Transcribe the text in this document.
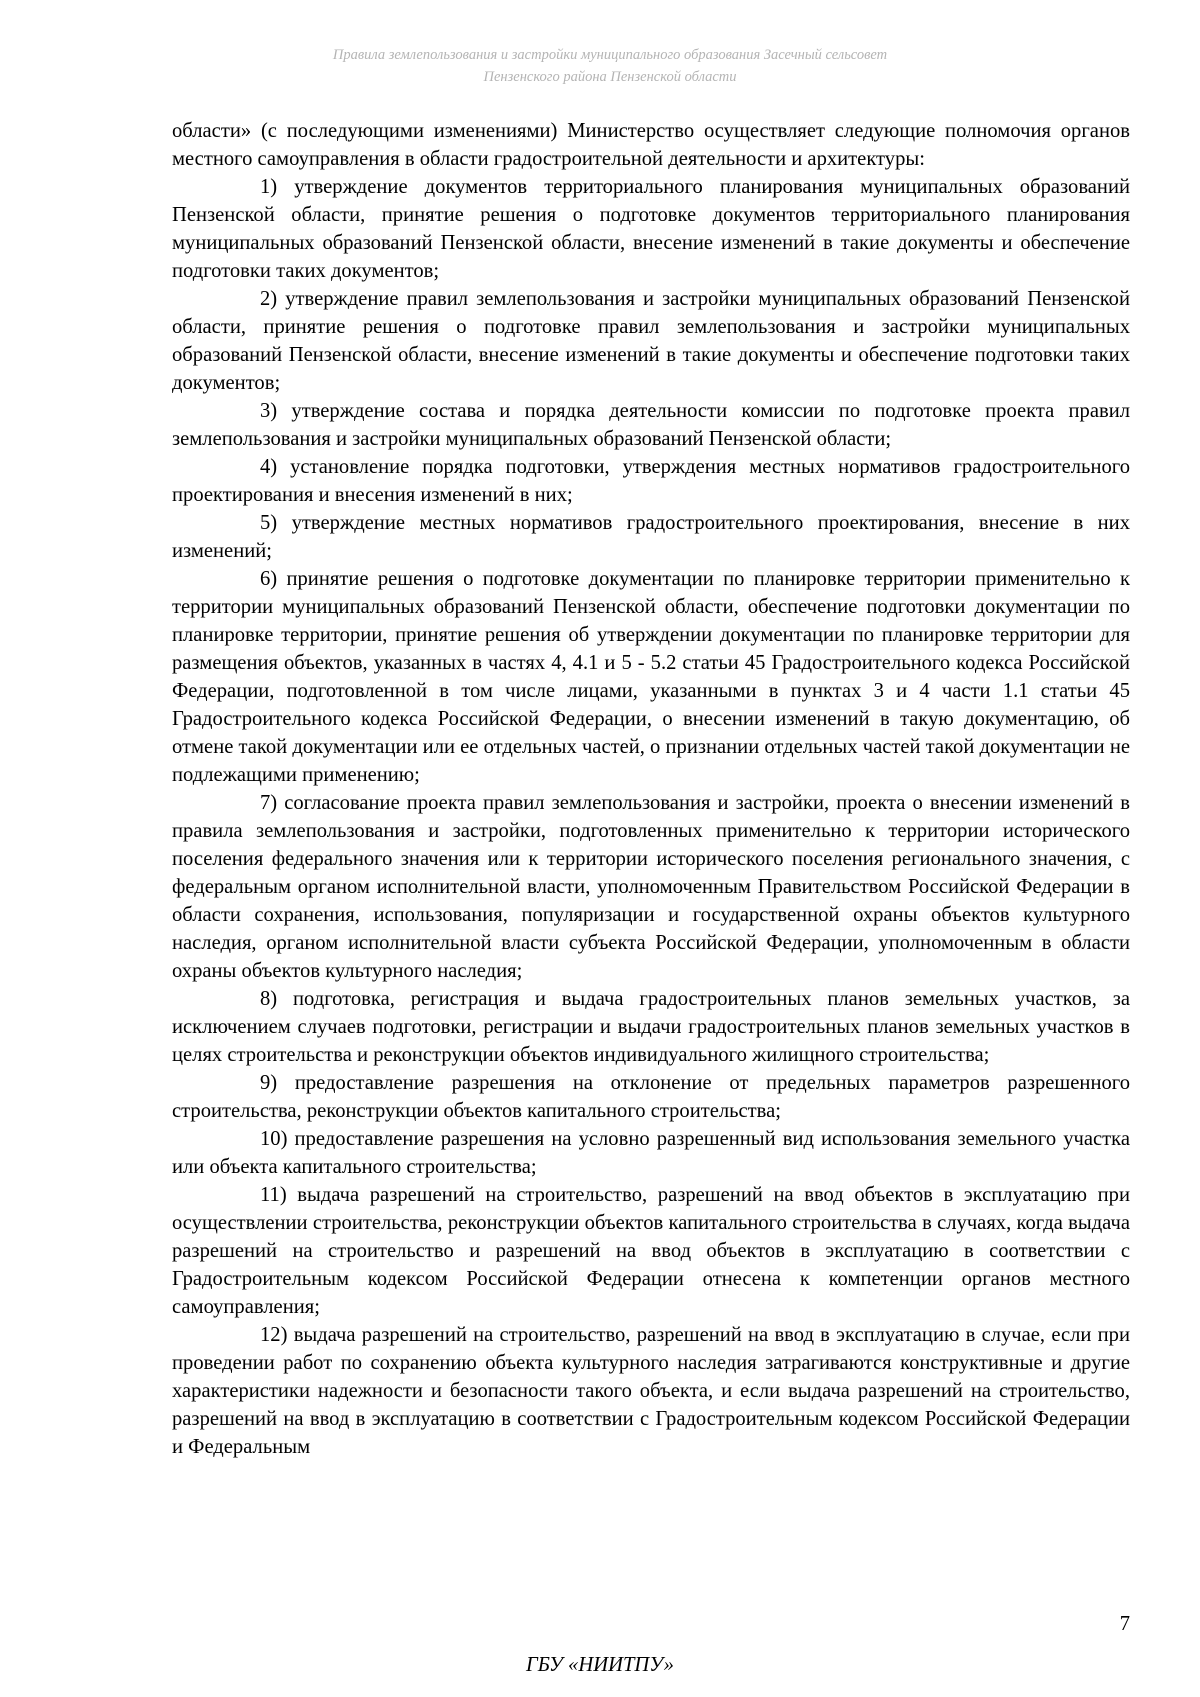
Правила землепользования и застройки муниципального образования Засечный сельсовет
Пензенского района Пензенской области

области» (с последующими изменениями) Министерство осуществляет следующие полномочия органов местного самоуправления в области градостроительной деятельности и архитектуры:

1) утверждение документов территориального планирования муниципальных образований Пензенской области, принятие решения о подготовке документов территориального планирования муниципальных образований Пензенской области, внесение изменений в такие документы и обеспечение подготовки таких документов;

2) утверждение правил землепользования и застройки муниципальных образований Пензенской области, принятие решения о подготовке правил землепользования и застройки муниципальных образований Пензенской области, внесение изменений в такие документы и обеспечение подготовки таких документов;

3) утверждение состава и порядка деятельности комиссии по подготовке проекта правил землепользования и застройки муниципальных образований Пензенской области;

4) установление порядка подготовки, утверждения местных нормативов градостроительного проектирования и внесения изменений в них;

5) утверждение местных нормативов градостроительного проектирования, внесение в них изменений;

6) принятие решения о подготовке документации по планировке территории применительно к территории муниципальных образований Пензенской области, обеспечение подготовки документации по планировке территории, принятие решения об утверждении документации по планировке территории для размещения объектов, указанных в частях 4, 4.1 и 5 - 5.2 статьи 45 Градостроительного кодекса Российской Федерации, подготовленной в том числе лицами, указанными в пунктах 3 и 4 части 1.1 статьи 45 Градостроительного кодекса Российской Федерации, о внесении изменений в такую документацию, об отмене такой документации или ее отдельных частей, о признании отдельных частей такой документации не подлежащими применению;

7) согласование проекта правил землепользования и застройки, проекта о внесении изменений в правила землепользования и застройки, подготовленных применительно к территории исторического поселения федерального значения или к территории исторического поселения регионального значения, с федеральным органом исполнительной власти, уполномоченным Правительством Российской Федерации в области сохранения, использования, популяризации и государственной охраны объектов культурного наследия, органом исполнительной власти субъекта Российской Федерации, уполномоченным в области охраны объектов культурного наследия;

8) подготовка, регистрация и выдача градостроительных планов земельных участков, за исключением случаев подготовки, регистрации и выдачи градостроительных планов земельных участков в целях строительства и реконструкции объектов индивидуального жилищного строительства;

9) предоставление разрешения на отклонение от предельных параметров разрешенного строительства, реконструкции объектов капитального строительства;

10) предоставление разрешения на условно разрешенный вид использования земельного участка или объекта капитального строительства;

11) выдача разрешений на строительство, разрешений на ввод объектов в эксплуатацию при осуществлении строительства, реконструкции объектов капитального строительства в случаях, когда выдача разрешений на строительство и разрешений на ввод объектов в эксплуатацию в соответствии с Градостроительным кодексом Российской Федерации отнесена к компетенции органов местного самоуправления;

12) выдача разрешений на строительство, разрешений на ввод в эксплуатацию в случае, если при проведении работ по сохранению объекта культурного наследия затрагиваются конструктивные и другие характеристики надежности и безопасности такого объекта, и если выдача разрешений на строительство, разрешений на ввод в эксплуатацию в соответствии с Градостроительным кодексом Российской Федерации и Федеральным

7
ГБУ «НИИТПУ»
